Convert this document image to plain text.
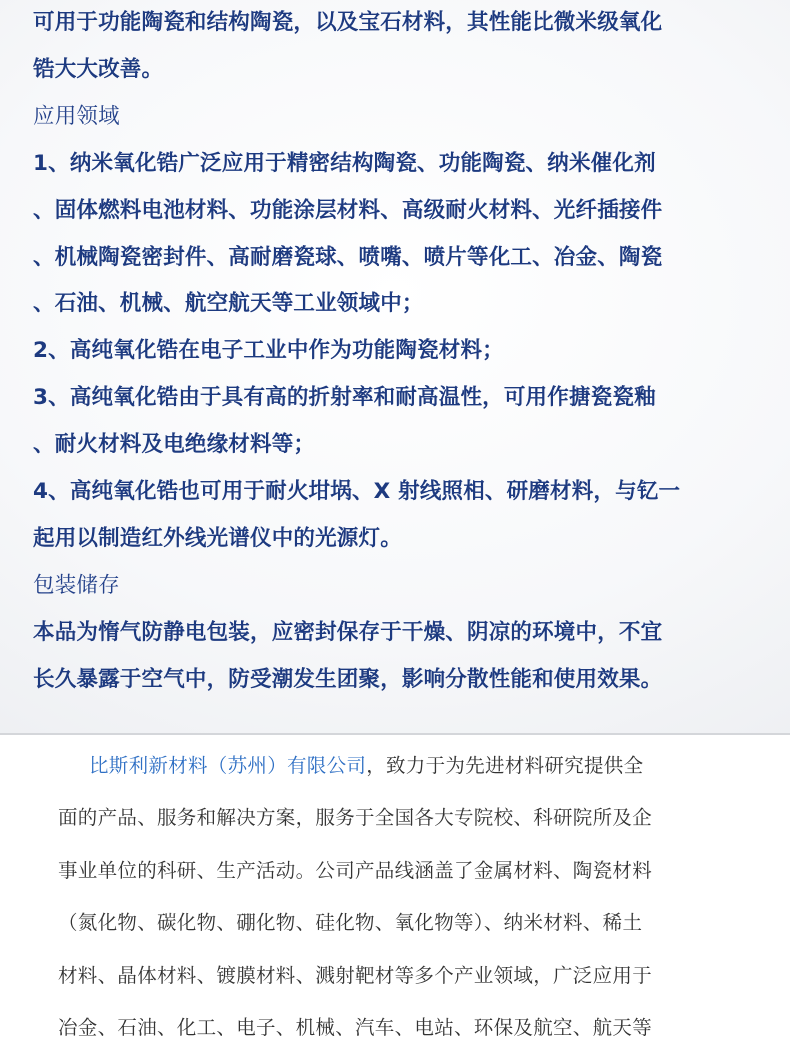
可用于功能陶瓷和结构陶瓷，以及宝石材料，其性能比微米级氧化
锆大大改善。
应用领域
1、纳米氧化锆广泛应用于精密结构陶瓷、功能陶瓷、纳米催化剂
、固体燃料电池材料、功能涂层材料、高级耐火材料、光纤插接件
、机械陶瓷密封件、高耐磨瓷球、喷嘴、喷片等化工、冶金、陶瓷
、石油、机械、航空航天等工业领域中；
2、高纯氧化锆在电子工业中作为功能陶瓷材料；
3、高纯氧化锆由于具有高的折射率和耐高温性，可用作搪瓷瓷釉
、耐火材料及电绝缘材料等；
4、高纯氧化锆也可用于耐火坩埚、X 射线照相、研磨材料，与钇一
起用以制造红外线光谱仪中的光源灯。
包装储存
本品为惰气防静电包装，应密封保存于干燥、阴凉的环境中，不宜
长久暴露于空气中，防受潮发生团聚，影响分散性能和使用效果。
比斯利新材料（苏州）有限公司，致力于为先进材料研究提供全
面的产品、服务和解决方案，服务于全国各大专院校、科研院所及企
事业单位的科研、生产活动。公司产品线涵盖了金属材料、陶瓷材料
（氮化物、碳化物、硼化物、硅化物、氧化物等）、纳米材料、稀土
材料、晶体材料、镀膜材料、溅射靶材等多个产业领域，广泛应用于
冶金、石油、化工、电子、机械、汽车、电站、环保及航空、航天等
